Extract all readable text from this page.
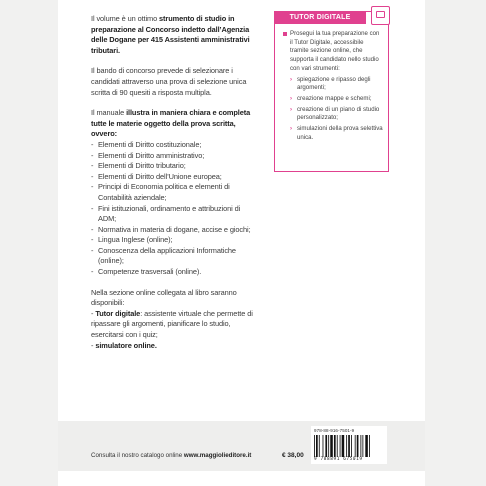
Il volume è un ottimo strumento di studio in preparazione al Concorso indetto dall’Agenzia delle Dogane per 415 Assistenti amministrativi tributari.

Il bando di concorso prevede di selezionare i candidati attraverso una prova di selezione unica scritta di 90 quesiti a risposta multipla.

Il manuale illustra in maniera chiara e completa tutte le materie oggetto della prova scritta, ovvero:

- Elementi di Diritto costituzionale;
- Elementi di Diritto amministrativo;
- Elementi di Diritto tributario;
- Elementi di Diritto dell’Unione europea;
- Principi di Economia politica e elementi di Contabilità aziendale;
- Fini istituzionali, ordinamento e attribuzioni di ADM;
- Normativa in materia di dogane, accise e giochi;
- Lingua Inglese (online);
- Conoscenza della applicazioni Informatiche (online);
- Competenze trasversali (online).

Nella sezione online collegata al libro saranno disponibili:
- Tutor digitale: assistente virtuale che permette di ripassare gli argomenti, pianificare lo studio, esercitarsi con i quiz;
- simulatore online.

TUTOR DIGITALE

Prosegui la tua preparazione con il Tutor Digitale, accessibile tramite sezione online, che supporta il candidato nello studio con vari strumenti:

› spiegazione e ripasso degli argomenti;
› creazione mappe e schemi;
› creazione di un piano di studio personalizzato;
› simulazioni della prova selettiva unica.
Consulta il nostro catalogo online www.maggiolieditore.it	€ 38,00
978-88-916-7501-9
9 788891 675019
